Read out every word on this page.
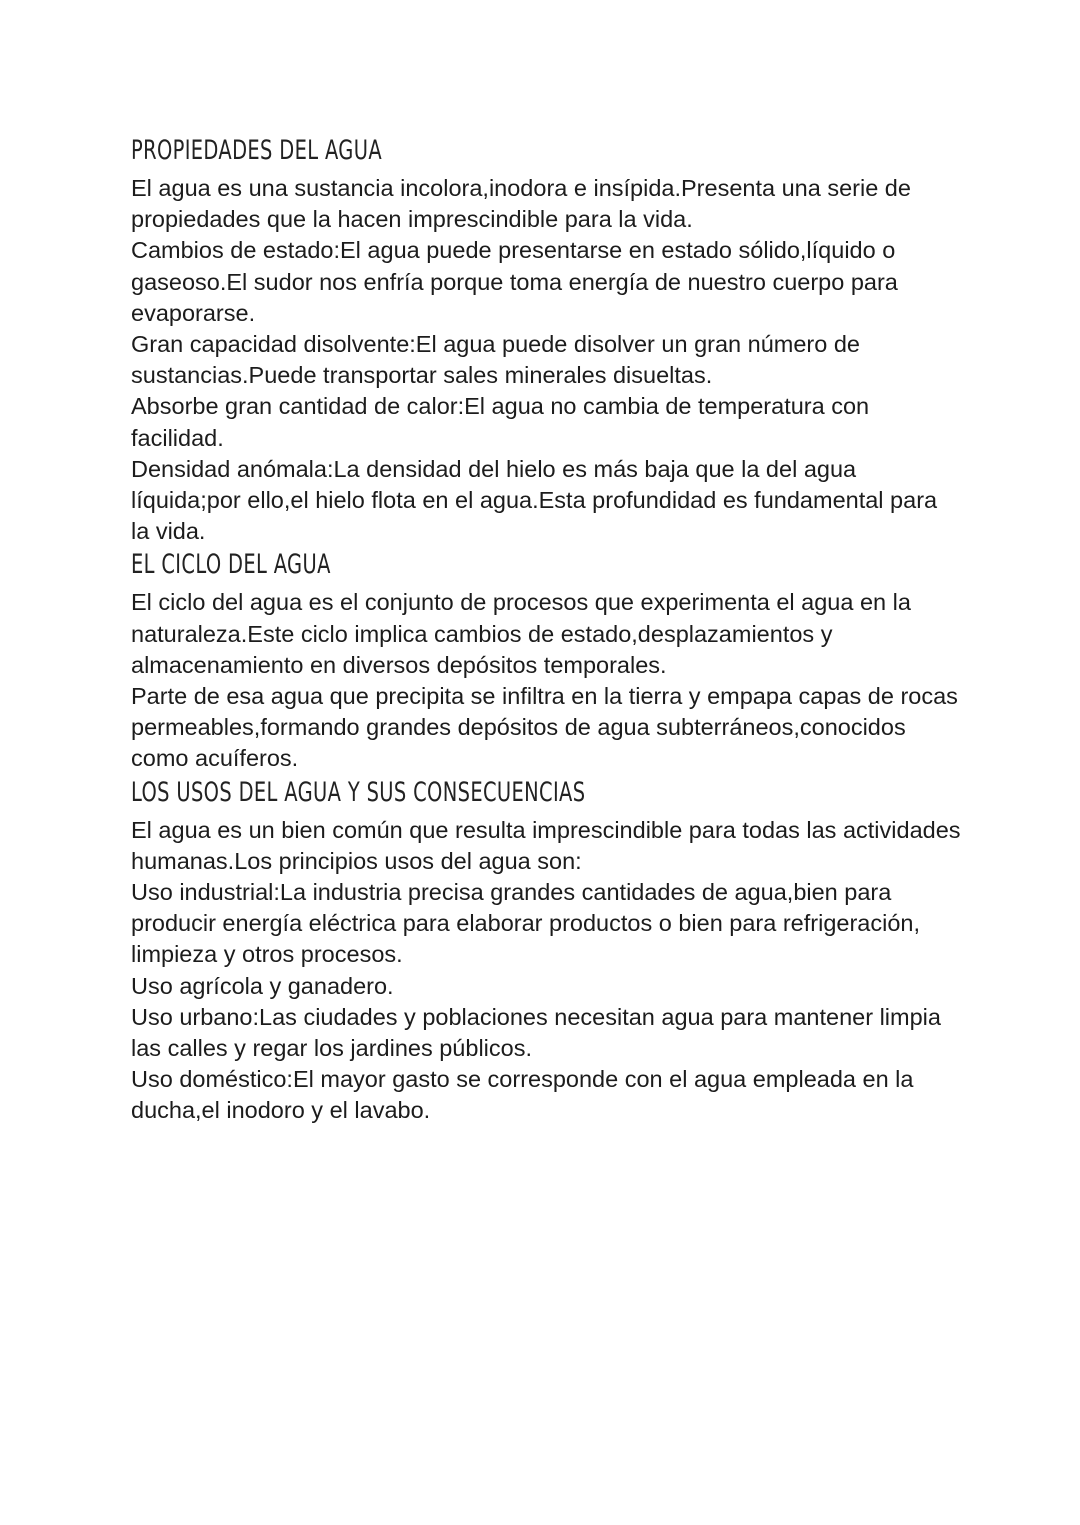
PROPIEDADES DEL AGUA

El agua es una sustancia incolora,inodora e insípida.Presenta una serie de propiedades que la hacen imprescindible para la vida.

Cambios de estado:El agua puede presentarse en estado sólido,líquido o gaseoso.El sudor nos enfría porque toma energía de nuestro cuerpo para evaporarse.

Gran capacidad disolvente:El agua puede disolver un gran número de sustancias.Puede transportar sales minerales disueltas.

Absorbe gran cantidad de calor:El agua no cambia de temperatura con facilidad.

Densidad anómala:La densidad del hielo es más baja que la del agua líquida;por ello,el hielo flota en el agua.Esta profundidad es fundamental para la vida.

EL CICLO DEL AGUA

El ciclo del agua es el conjunto de procesos que experimenta el agua en la naturaleza.Este ciclo implica cambios de estado,desplazamientos y almacenamiento en diversos depósitos temporales.

Parte de esa agua que precipita se infiltra en la tierra y empapa capas de rocas permeables,formando grandes depósitos de agua subterráneos,conocidos como acuíferos.

LOS USOS DEL AGUA Y SUS CONSECUENCIAS

El agua es un bien común que resulta imprescindible para todas las actividades humanas.Los principios usos del agua son:

Uso industrial:La industria precisa grandes cantidades de agua,bien para producir energía eléctrica para elaborar productos o bien para refrigeración, limpieza y otros procesos.

Uso agrícola y ganadero.

Uso urbano:Las ciudades y poblaciones necesitan agua para mantener limpia las calles y regar los jardines públicos.

Uso doméstico:El mayor gasto se corresponde con el agua empleada en la ducha,el inodoro y el lavabo.
